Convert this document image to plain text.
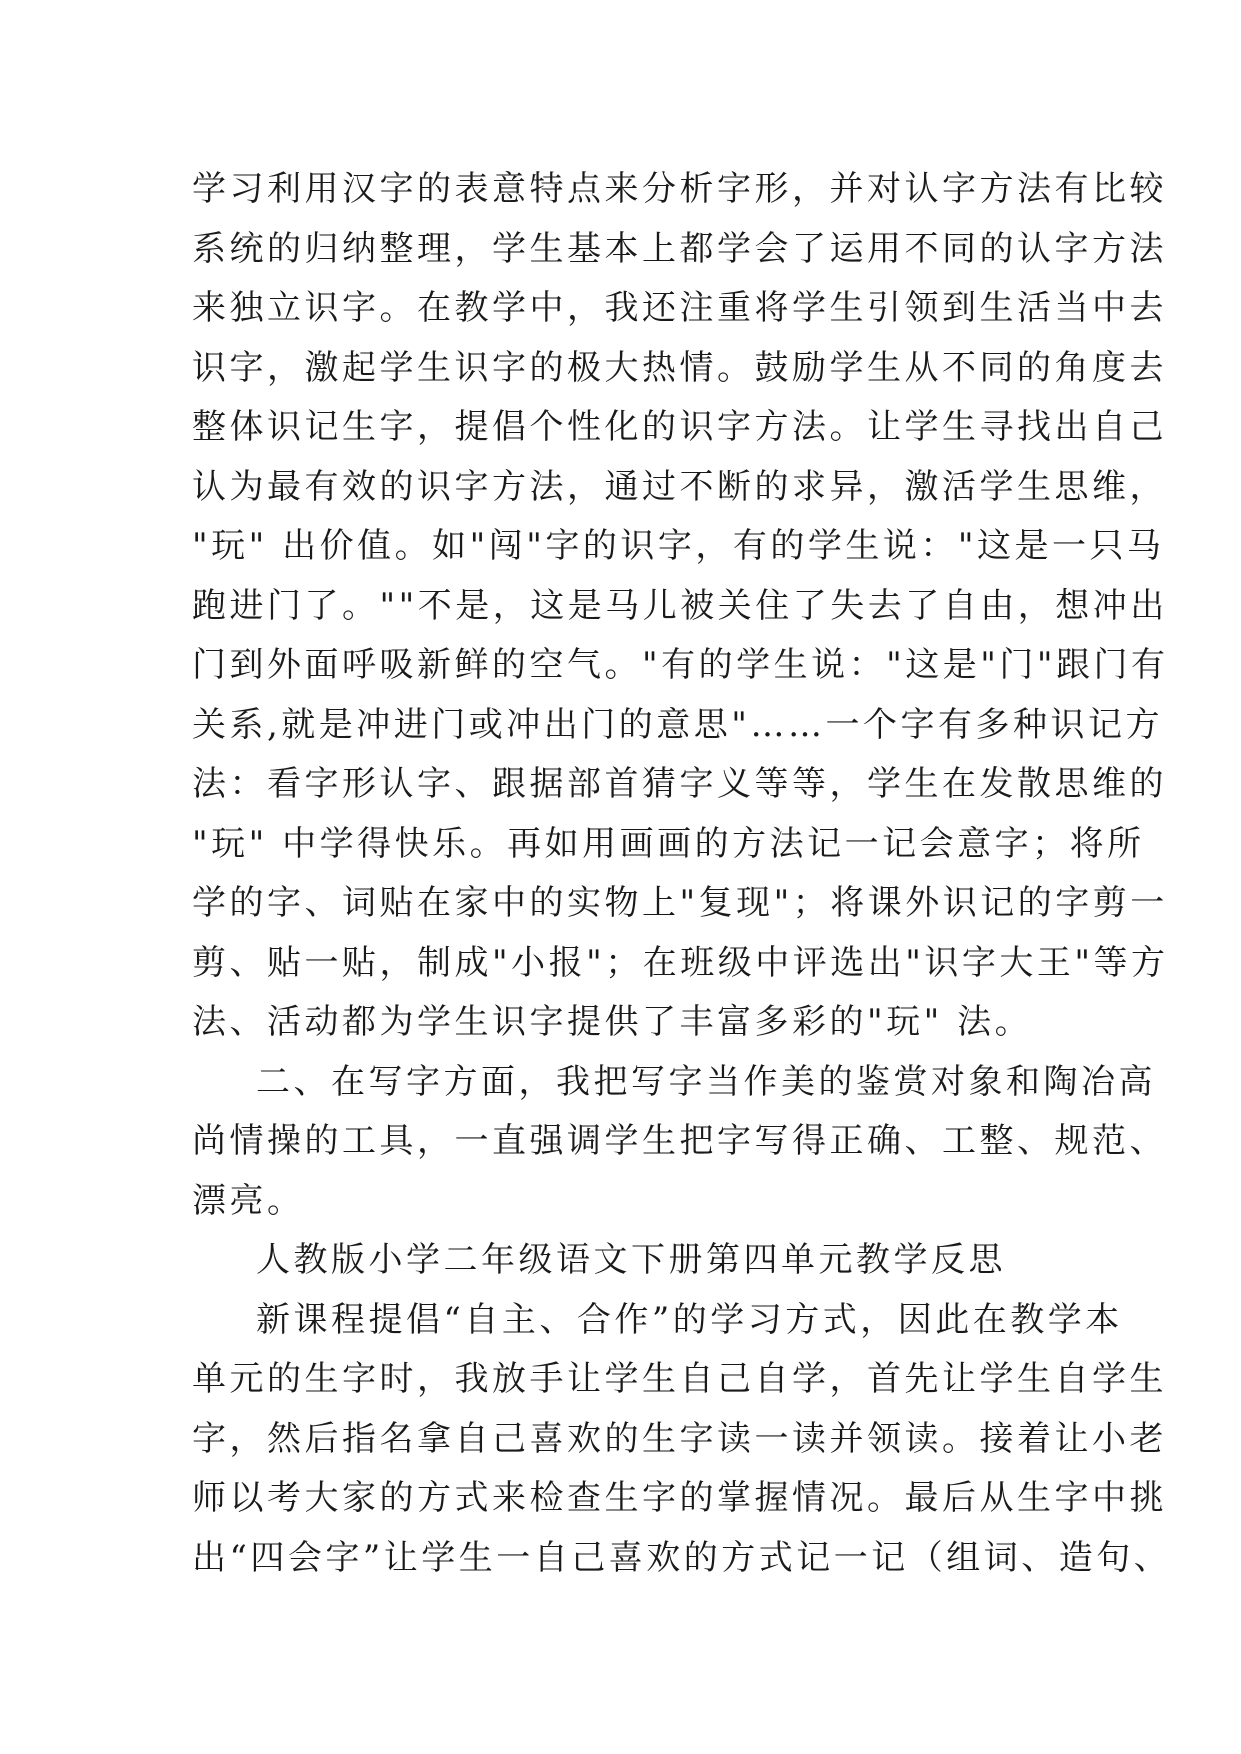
学习利用汉字的表意特点来分析字形，并对认字方法有比较
系统的归纳整理，学生基本上都学会了运用不同的认字方法
来独立识字。在教学中，我还注重将学生引领到生活当中去
识字，激起学生识字的极大热情。鼓励学生从不同的角度去
整体识记生字，提倡个性化的识字方法。让学生寻找出自己
认为最有效的识字方法，通过不断的求异，激活学生思维，
"玩" 出价值。如"闯"字的识字，有的学生说："这是一只马
跑进门了。""不是，这是马儿被关住了失去了自由，想冲出
门到外面呼吸新鲜的空气。"有的学生说："这是"门"跟门有
关系,就是冲进门或冲出门的意思"……一个字有多种识记方
法：看字形认字、跟据部首猜字义等等，学生在发散思维的
"玩" 中学得快乐。再如用画画的方法记一记会意字；将所
学的字、词贴在家中的实物上"复现"；将课外识记的字剪一
剪、贴一贴，制成"小报"；在班级中评选出"识字大王"等方
法、活动都为学生识字提供了丰富多彩的"玩" 法。
二、在写字方面，我把写字当作美的鉴赏对象和陶冶高
尚情操的工具，一直强调学生把字写得正确、工整、规范、
漂亮。
人教版小学二年级语文下册第四单元教学反思
新课程提倡“自主、合作”的学习方式，因此在教学本
单元的生字时，我放手让学生自己自学，首先让学生自学生
字，然后指名拿自己喜欢的生字读一读并领读。接着让小老
师以考大家的方式来检查生字的掌握情况。最后从生字中挑
出“四会字”让学生一自己喜欢的方式记一记（组词、造句、
